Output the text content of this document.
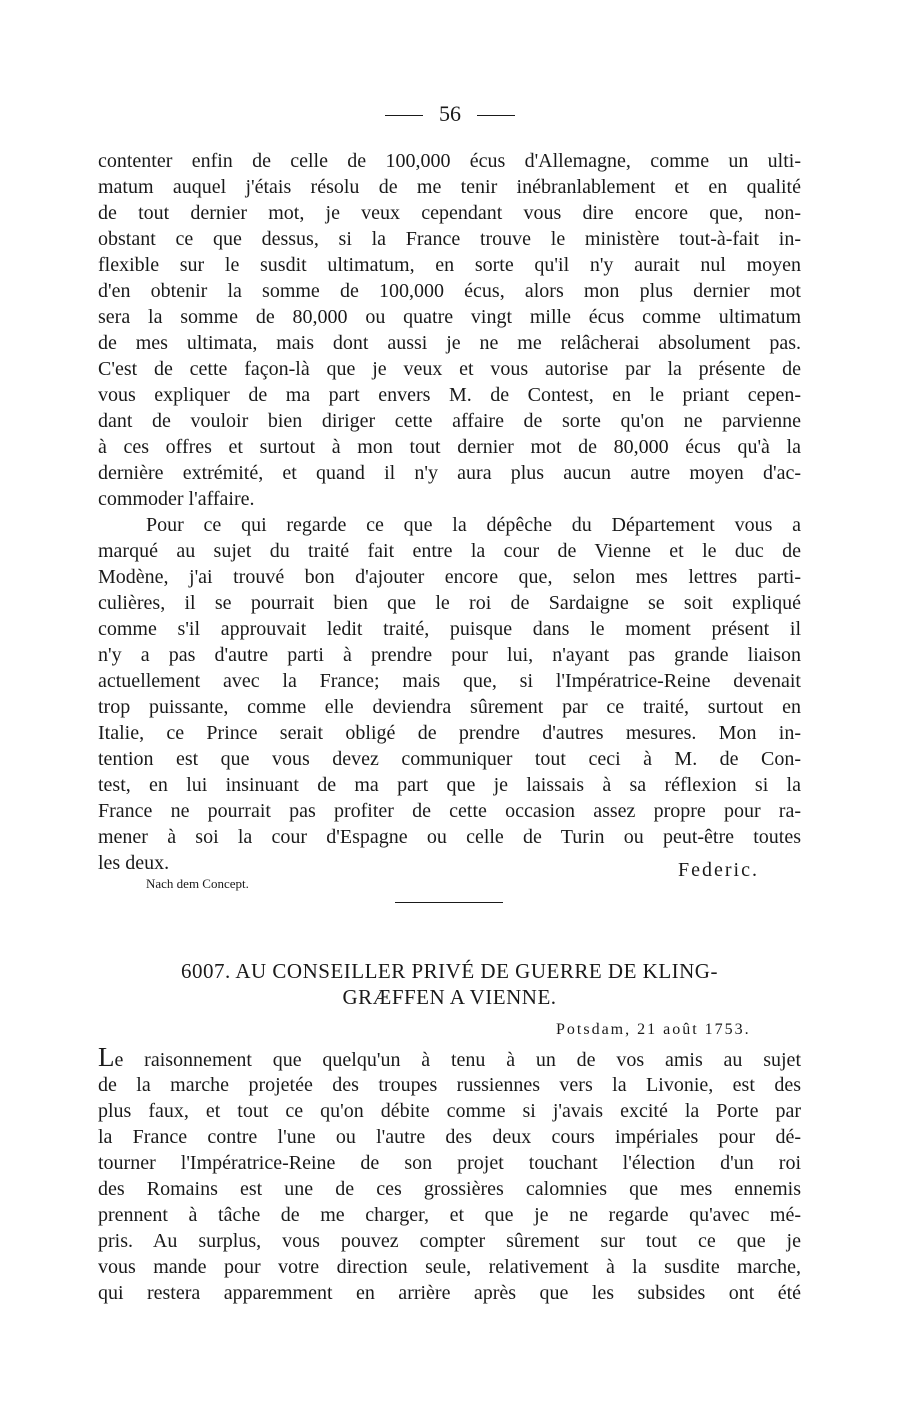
56
contenter enfin de celle de 100,000 écus d'Allemagne, comme un ulti-
matum auquel j'étais résolu de me tenir inébranlablement et en qualité
de tout dernier mot, je veux cependant vous dire encore que, non-
obstant ce que dessus, si la France trouve le ministère tout-à-fait in-
flexible sur le susdit ultimatum, en sorte qu'il n'y aurait nul moyen
d'en obtenir la somme de 100,000 écus, alors mon plus dernier mot
sera la somme de 80,000 ou quatre vingt mille écus comme ultimatum
de mes ultimata, mais dont aussi je ne me relâcherai absolument pas.
C'est de cette façon-là que je veux et vous autorise par la présente de
vous expliquer de ma part envers M. de Contest, en le priant cepen-
dant de vouloir bien diriger cette affaire de sorte qu'on ne parvienne
à ces offres et surtout à mon tout dernier mot de 80,000 écus qu'à la
dernière extrémité, et quand il n'y aura plus aucun autre moyen d'ac-
commoder l'affaire.
Pour ce qui regarde ce que la dépêche du Département vous a
marqué au sujet du traité fait entre la cour de Vienne et le duc de
Modène, j'ai trouvé bon d'ajouter encore que, selon mes lettres parti-
culières, il se pourrait bien que le roi de Sardaigne se soit expliqué
comme s'il approuvait ledit traité, puisque dans le moment présent il
n'y a pas d'autre parti à prendre pour lui, n'ayant pas grande liaison
actuellement avec la France; mais que, si l'Impératrice-Reine devenait
trop puissante, comme elle deviendra sûrement par ce traité, surtout en
Italie, ce Prince serait obligé de prendre d'autres mesures. Mon in-
tention est que vous devez communiquer tout ceci à M. de Con-
test, en lui insinuant de ma part que je laissais à sa réflexion si la
France ne pourrait pas profiter de cette occasion assez propre pour ra-
mener à soi la cour d'Espagne ou celle de Turin ou peut-être toutes
les deux.	Federic.
Nach dem Concept.
6007. AU CONSEILLER PRIVÉ DE GUERRE DE KLING-
GRÆFFEN A VIENNE.
Potsdam, 21 août 1753.
Le raisonnement que quelqu'un à tenu à un de vos amis au sujet
de la marche projetée des troupes russiennes vers la Livonie, est des
plus faux, et tout ce qu'on débite comme si j'avais excité la Porte par
la France contre l'une ou l'autre des deux cours impériales pour dé-
tourner l'Impératrice-Reine de son projet touchant l'élection d'un roi
des Romains est une de ces grossières calomnies que mes ennemis
prennent à tâche de me charger, et que je ne regarde qu'avec mé-
pris. Au surplus, vous pouvez compter sûrement sur tout ce que je
vous mande pour votre direction seule, relativement à la susdite marche,
qui restera apparemment en arrière après que les subsides ont été
